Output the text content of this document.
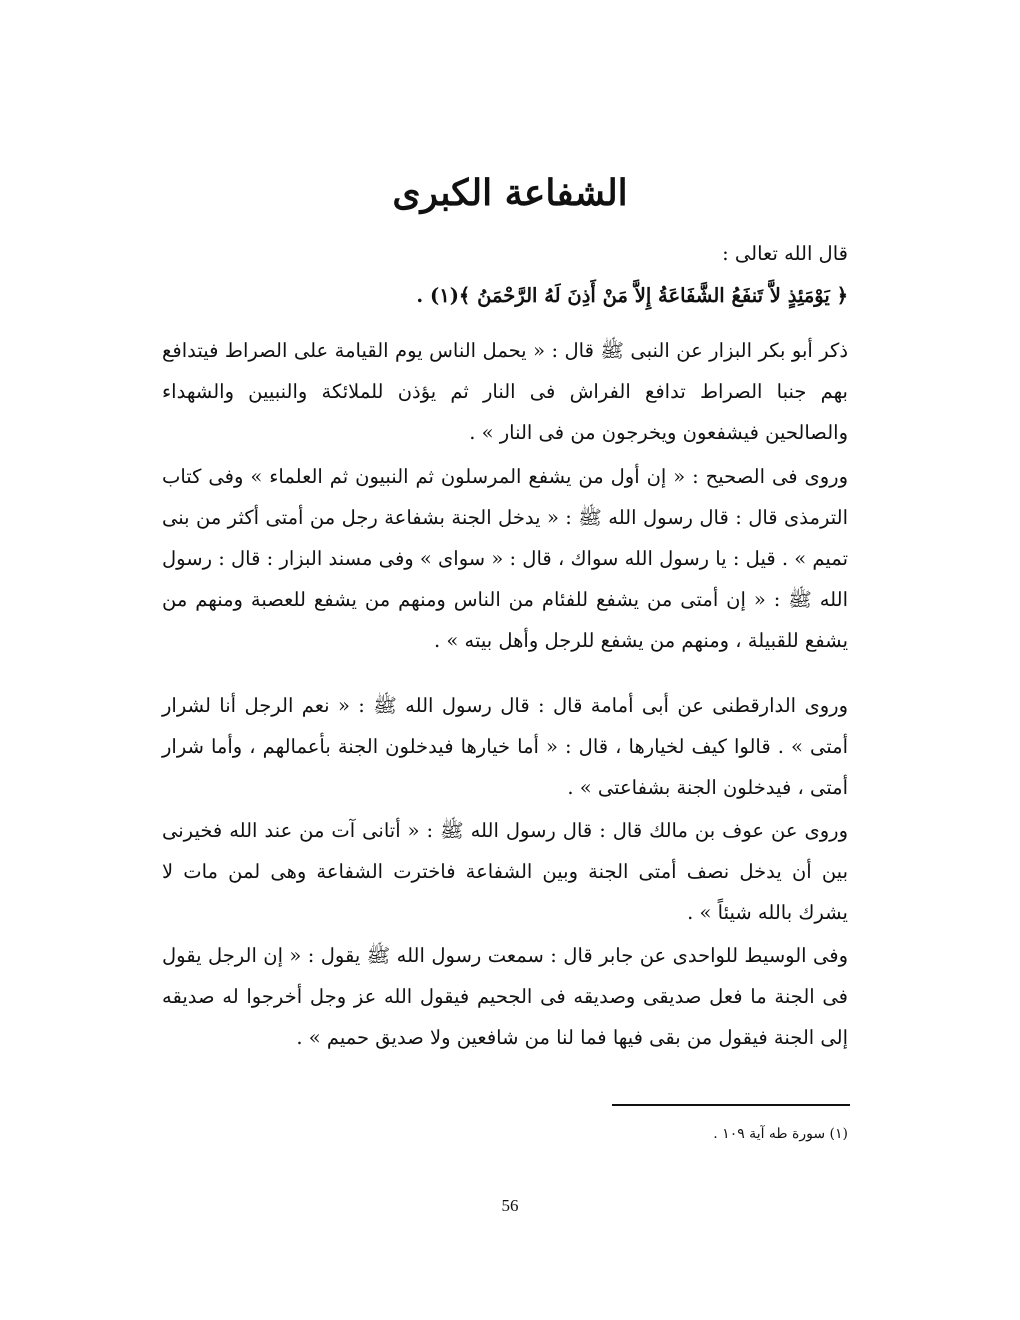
الشفاعة الكبرى
قال الله تعالى :
﴿ يَوْمَئِذٍ لاَّ تَنفَعُ الشَّفَاعَةُ إِلاَّ مَنْ أَذِنَ لَهُ الرَّحْمَنُ ﴾(١) .
ذكر أبو بكر البزار عن النبى ﷺ قال : « يحمل الناس يوم القيامة على الصراط فيتدافع بهم جنبا الصراط تدافع الفراش فى النار ثم يؤذن للملائكة والنبيين والشهداء والصالحين فيشفعون ويخرجون من فى النار » .
وروى فى الصحيح : « إن أول من يشفع المرسلون ثم النبيون ثم العلماء » وفى كتاب الترمذى قال : قال رسول الله ﷺ : « يدخل الجنة بشفاعة رجل من أمتى أكثر من بنى تميم » . قيل : يا رسول الله سواك ، قال : « سواى » وفى مسند البزار : قال : رسول الله ﷺ : « إن أمتى من يشفع للفئام من الناس ومنهم من يشفع للعصبة ومنهم من يشفع للقبيلة ، ومنهم من يشفع للرجل وأهل بيته » .
وروى الدارقطنى عن أبى أمامة قال : قال رسول الله ﷺ : « نعم الرجل أنا لشرار أمتى » . قالوا كيف لخيارها ، قال : « أما خيارها فيدخلون الجنة بأعمالهم ، وأما شرار أمتى ، فيدخلون الجنة بشفاعتى » .
وروى عن عوف بن مالك قال : قال رسول الله ﷺ : « أتانى آت من عند الله فخيرنى بين أن يدخل نصف أمتى الجنة وبين الشفاعة فاخترت الشفاعة وهى لمن مات لا يشرك بالله شيئاً » .
وفى الوسيط للواحدى عن جابر قال : سمعت رسول الله ﷺ يقول : « إن الرجل يقول فى الجنة ما فعل صديقى وصديقه فى الجحيم فيقول الله عز وجل أخرجوا له صديقه إلى الجنة فيقول من بقى فيها فما لنا من شافعين ولا صديق حميم » .
(١) سورة طه آية ١٠٩ .
56
